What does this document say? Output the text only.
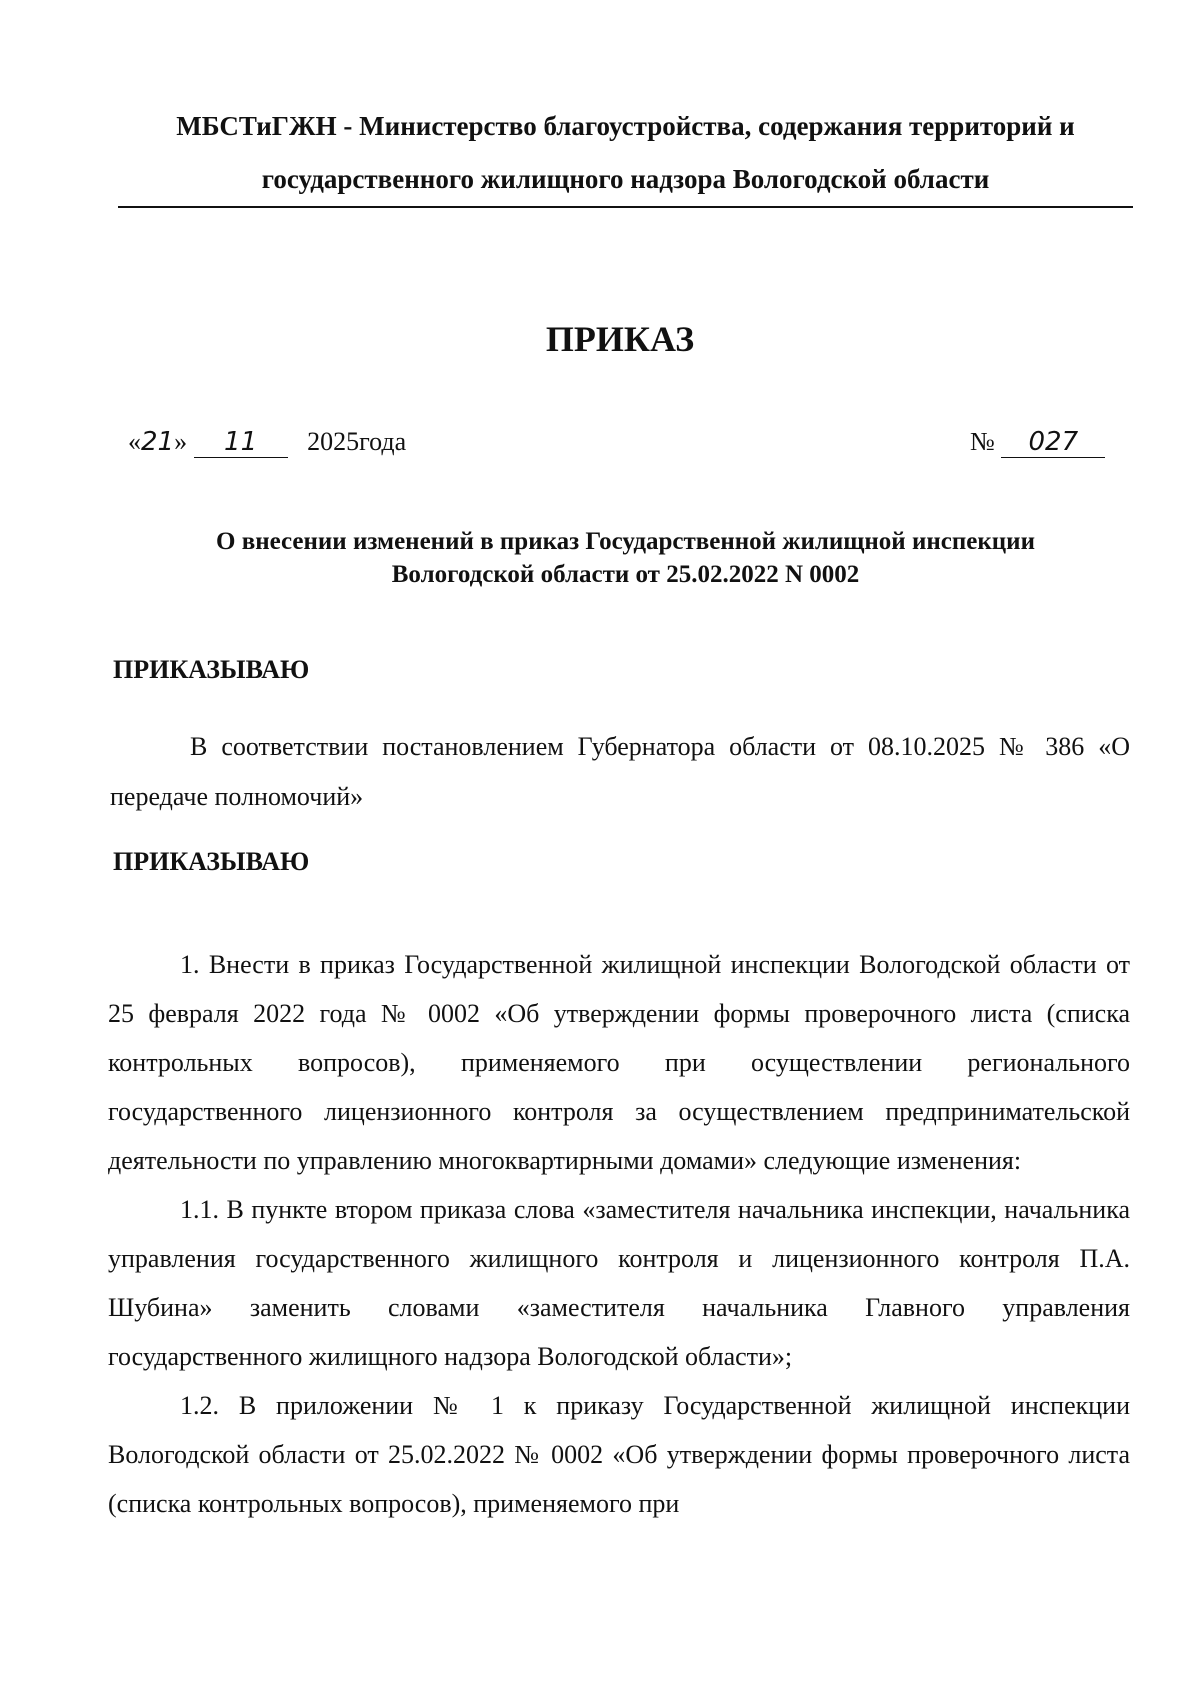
МБСТиГЖН - Министерство благоустройства, содержания территорий и
государственного жилищного надзора Вологодской области
ПРИКАЗ
«21» 11 2025года	№ 027
О внесении изменений в приказ Государственной жилищной инспекции
Вологодской области от 25.02.2022 N 0002
ПРИКАЗЫВАЮ
В соответствии постановлением Губернатора области от 08.10.2025 № 386 «О передаче полномочий»
ПРИКАЗЫВАЮ

1. Внести в приказ Государственной жилищной инспекции Вологодской области от 25 февраля 2022 года № 0002 «Об утверждении формы проверочного листа (списка контрольных вопросов), применяемого при осуществлении регионального государственного лицензионного контроля за осуществлением предпринимательской деятельности по управлению многоквартирными домами» следующие изменения:

1.1. В пункте втором приказа слова «заместителя начальника инспекции, начальника управления государственного жилищного контроля и лицензионного контроля П.А. Шубина» заменить словами «заместителя начальника Главного управления государственного жилищного надзора Вологодской области»;

1.2. В приложении № 1 к приказу Государственной жилищной инспекции Вологодской области от 25.02.2022 № 0002 «Об утверждении формы проверочного листа (списка контрольных вопросов), применяемого при
